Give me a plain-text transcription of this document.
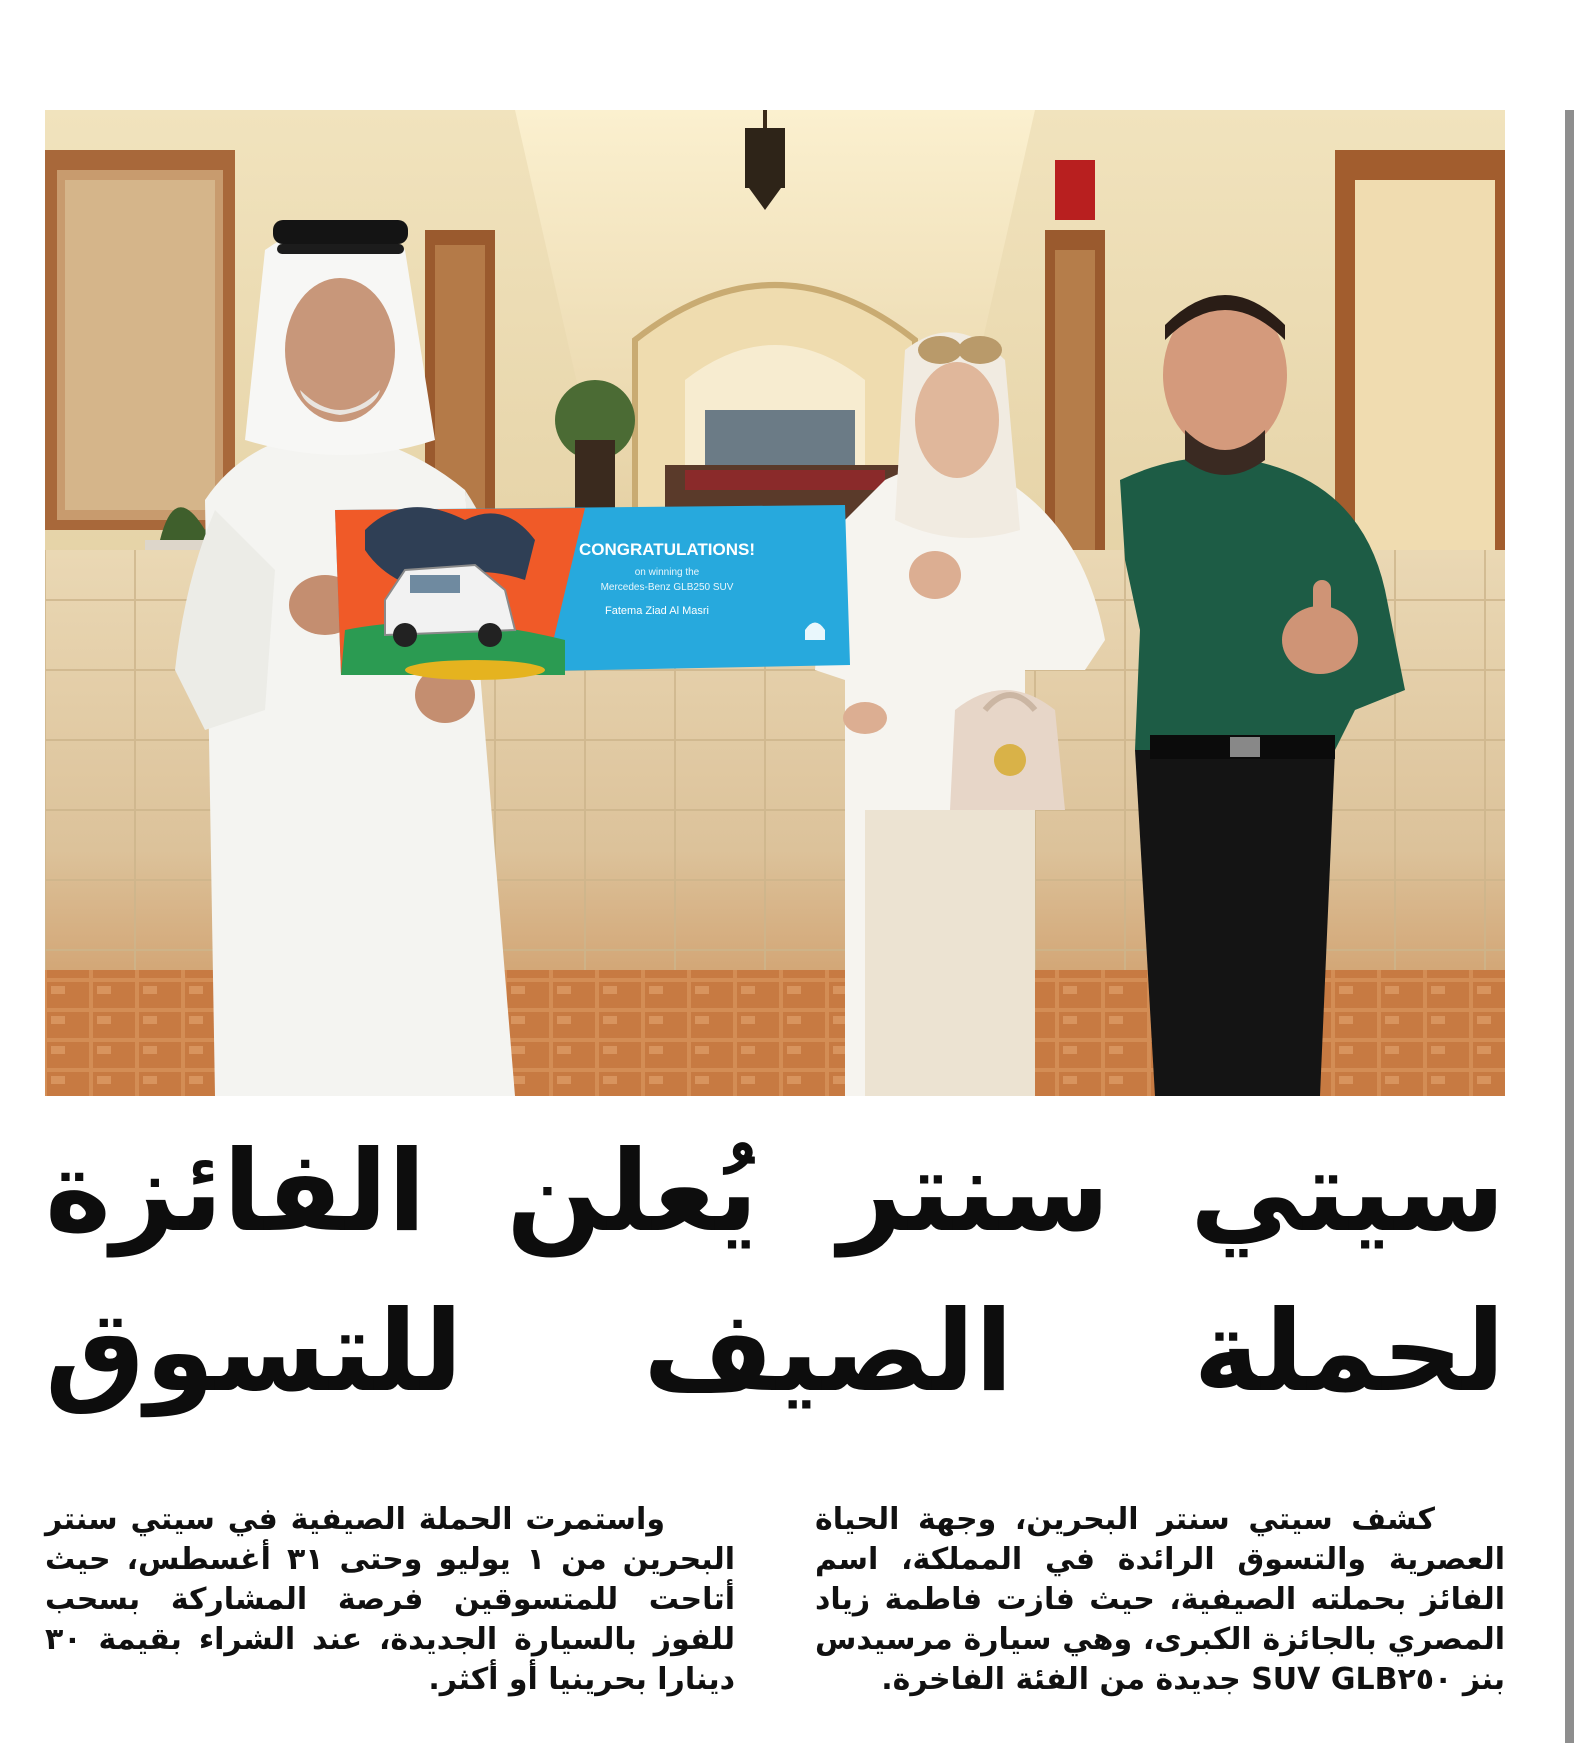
CONGRATULATIONS!
on winning the
Mercedes-Benz GLB250 SUV
Fatema Ziad Al Masri
سيتي سنتر يُعلن الفائزة
لحملة الصيف للتسوق

كشف سيتي سنتر البحرين، وجهة الحياة العصرية والتسوق الرائدة في المملكة، اسم الفائز بحملته الصيفية، حيث فازت فاطمة زياد المصري بالجائزة الكبرى، وهي سيارة مرسيدس بنز SUV GLB٢٥٠ جديدة من الفئة الفاخرة.

واستمرت الحملة الصيفية في سيتي سنتر البحرين من ١ يوليو وحتى ٣١ أغسطس، حيث أتاحت للمتسوقين فرصة المشاركة بسحب للفوز بالسيارة الجديدة، عند الشراء بقيمة ٣٠ دينارا بحرينيا أو أكثر.
